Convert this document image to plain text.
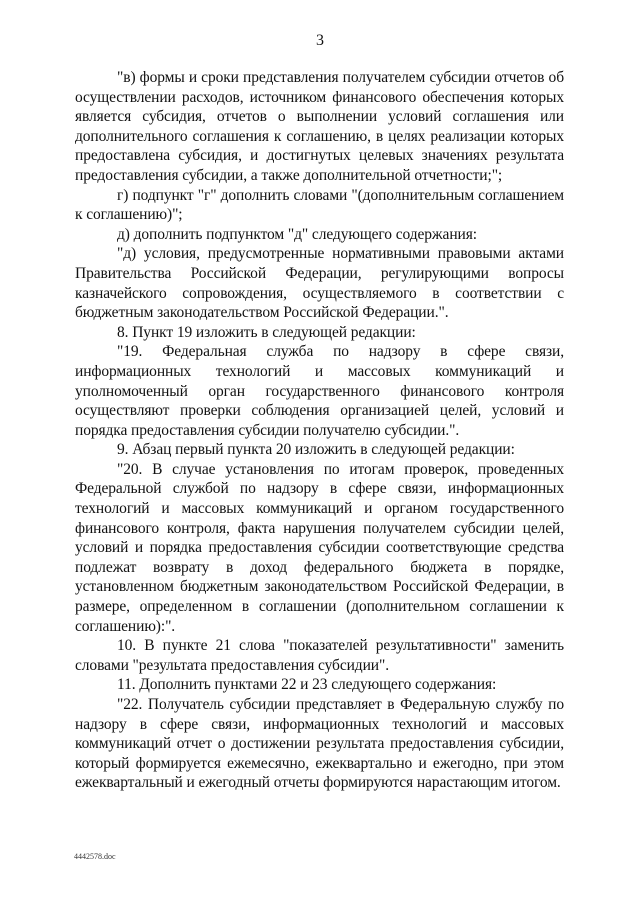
3

"в) формы и сроки представления получателем субсидии отчетов об осуществлении расходов, источником финансового обеспечения которых является субсидия, отчетов о выполнении условий соглашения или дополнительного соглашения к соглашению, в целях реализации которых предоставлена субсидия, и достигнутых целевых значениях результата предоставления субсидии, а также дополнительной отчетности;";

г) подпункт "г" дополнить словами "(дополнительным соглашением к соглашению)";

д) дополнить подпунктом "д" следующего содержания:

"д) условия, предусмотренные нормативными правовыми актами Правительства Российской Федерации, регулирующими вопросы казначейского сопровождения, осуществляемого в соответствии с бюджетным законодательством Российской Федерации.".

8. Пункт 19 изложить в следующей редакции:

"19. Федеральная служба по надзору в сфере связи, информационных технологий и массовых коммуникаций и уполномоченный орган государственного финансового контроля осуществляют проверки соблюдения организацией целей, условий и порядка предоставления субсидии получателю субсидии.".

9. Абзац первый пункта 20 изложить в следующей редакции:

"20. В случае установления по итогам проверок, проведенных Федеральной службой по надзору в сфере связи, информационных технологий и массовых коммуникаций и органом государственного финансового контроля, факта нарушения получателем субсидии целей, условий и порядка предоставления субсидии соответствующие средства подлежат возврату в доход федерального бюджета в порядке, установленном бюджетным законодательством Российской Федерации, в размере, определенном в соглашении (дополнительном соглашении к соглашению):".

10. В пункте 21 слова "показателей результативности" заменить словами "результата предоставления субсидии".

11. Дополнить пунктами 22 и 23 следующего содержания:

"22. Получатель субсидии представляет в Федеральную службу по надзору в сфере связи, информационных технологий и массовых коммуникаций отчет о достижении результата предоставления субсидии, который формируется ежемесячно, ежеквартально и ежегодно, при этом ежеквартальный и ежегодный отчеты формируются нарастающим итогом.

4442578.doc
